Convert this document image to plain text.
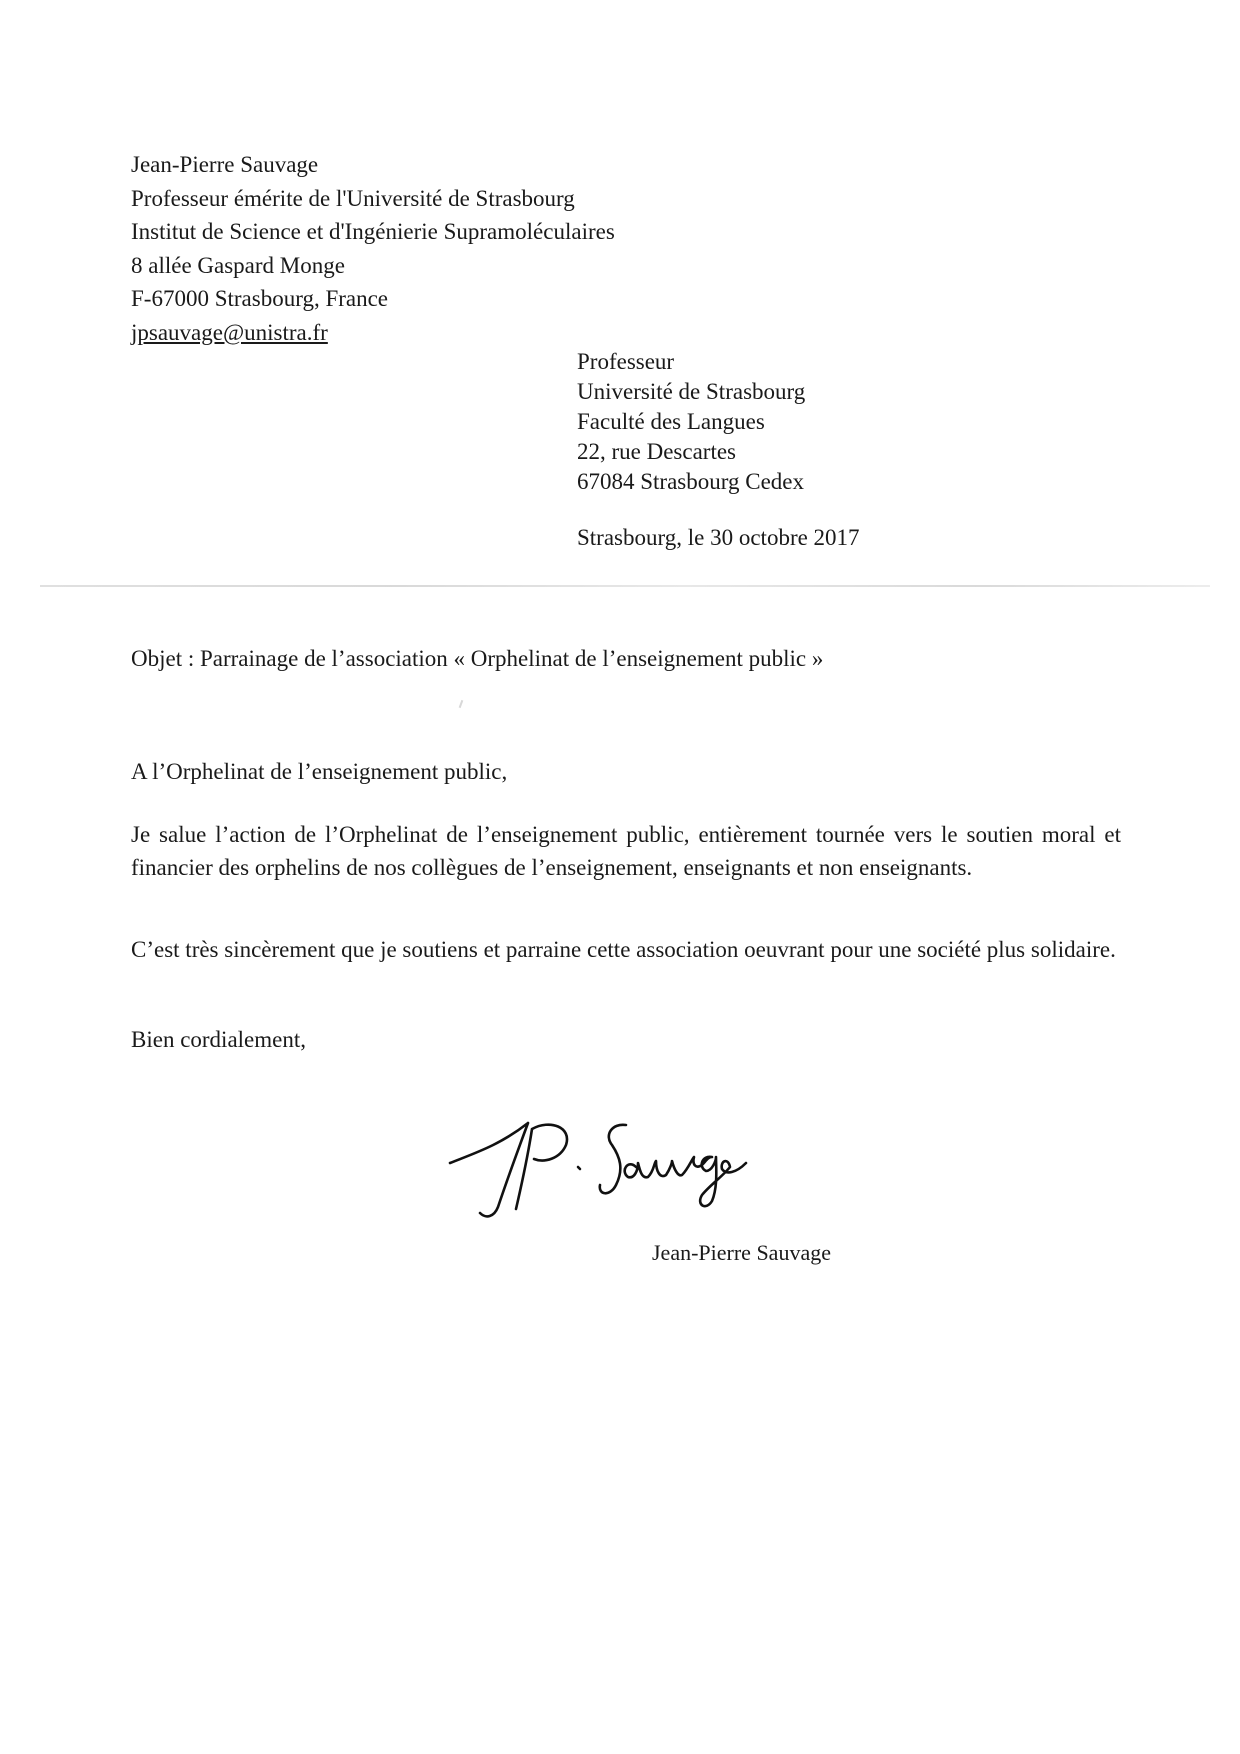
Jean-Pierre Sauvage
Professeur émérite de l'Université de Strasbourg
Institut de Science et d'Ingénierie Supramoléculaires
8 allée Gaspard Monge
F-67000 Strasbourg, France
jpsauvage@unistra.fr
Professeur
Université de Strasbourg
Faculté des Langues
22, rue Descartes
67084 Strasbourg Cedex
Strasbourg, le 30 octobre 2017
Objet : Parrainage de l’association « Orphelinat de l’enseignement public »
A l’Orphelinat de l’enseignement public,
Je salue l’action de l’Orphelinat de l’enseignement public, entièrement tournée vers le soutien moral et financier des orphelins de nos collègues de l’enseignement, enseignants et non enseignants.
C’est très sincèrement que je soutiens et parraine cette association oeuvrant pour une société plus solidaire.
Bien cordialement,
Jean-Pierre Sauvage
